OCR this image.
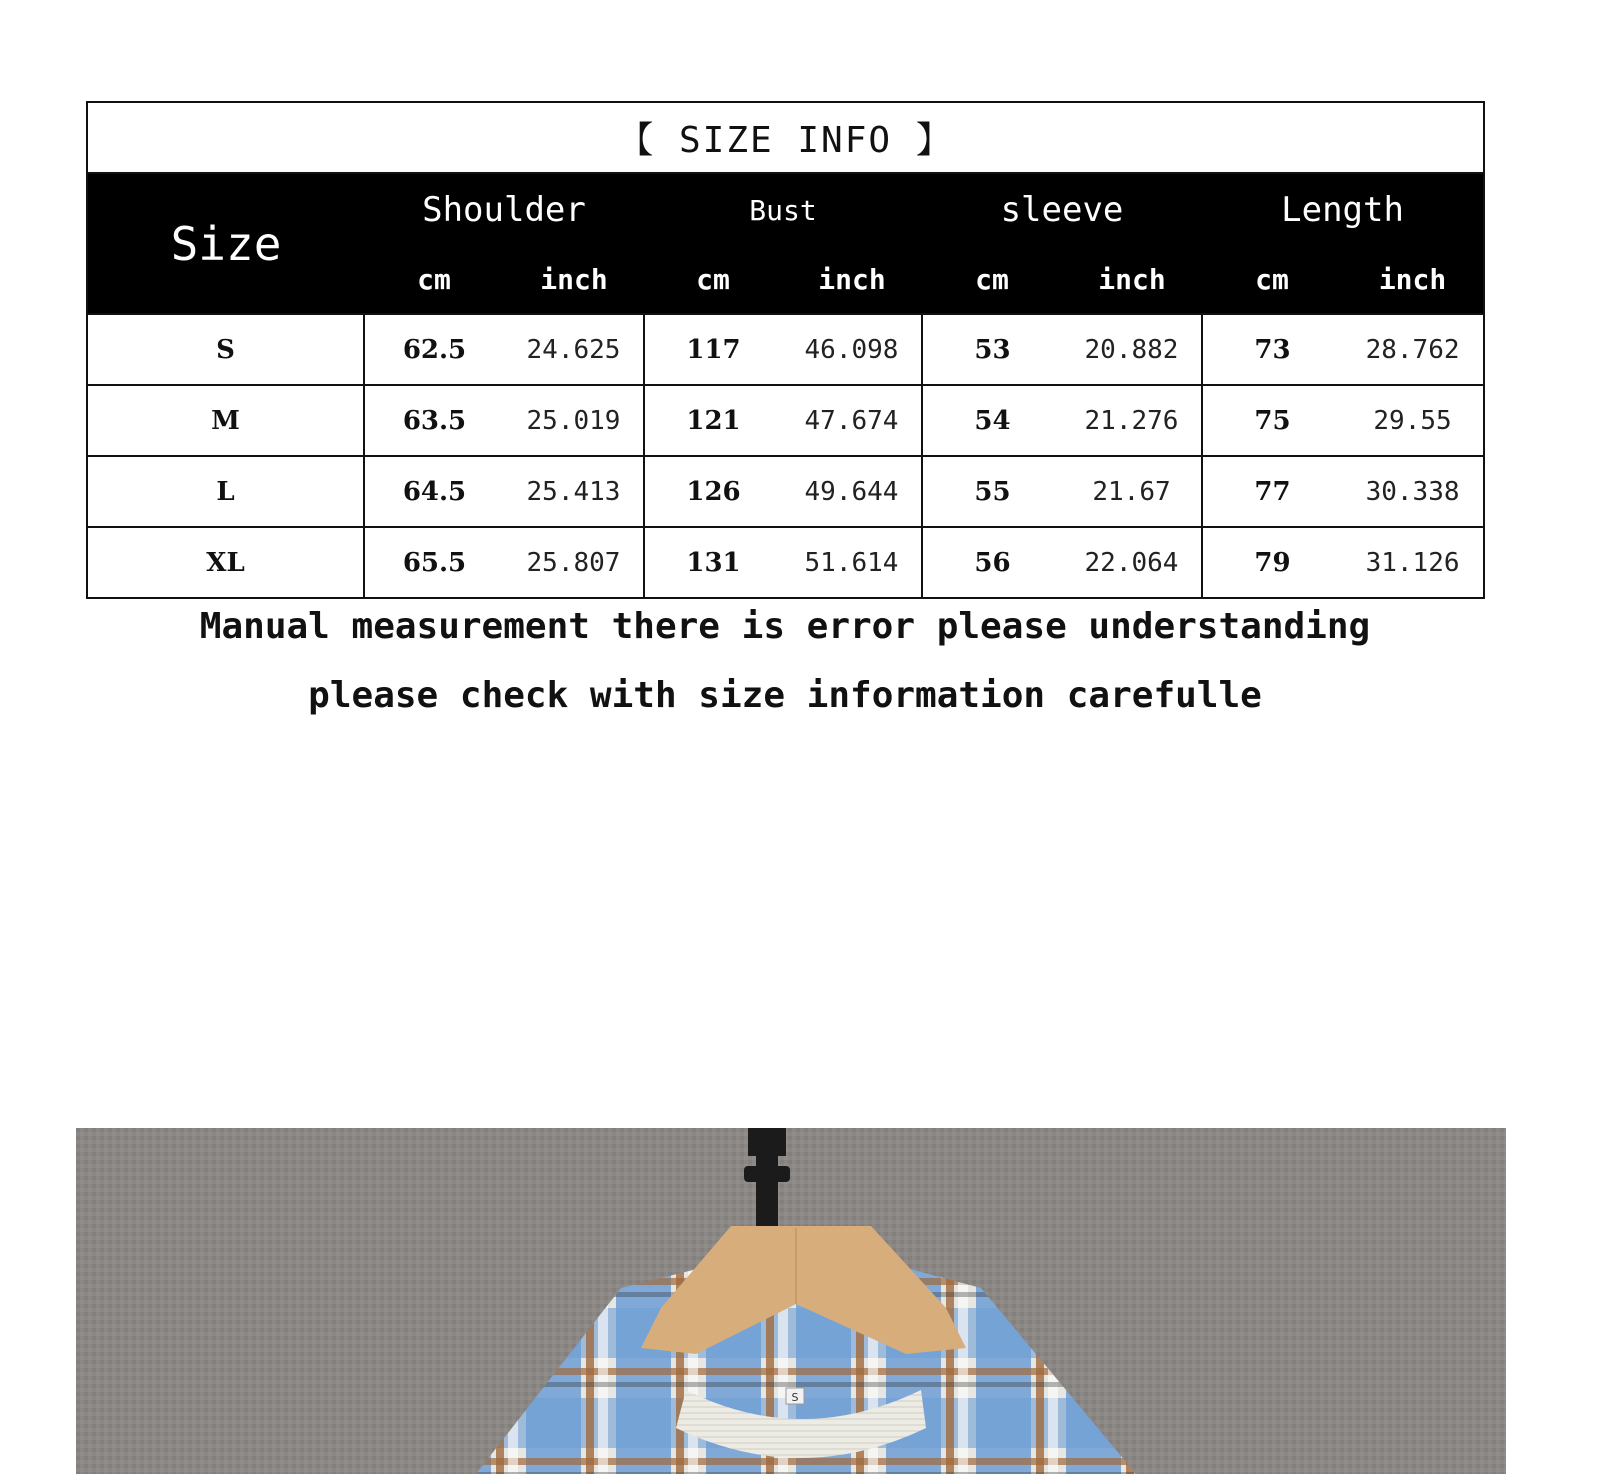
【 SIZE INFO 】								
Size	Shoulder		Bust		sleeve		Length	
	cm	inch	cm	inch	cm	inch	cm	inch
S	62.5	24.625	117	46.098	53	20.882	73	28.762
M	63.5	25.019	121	47.674	54	21.276	75	29.55
L	64.5	25.413	126	49.644	55	21.67	77	30.338
XL	65.5	25.807	131	51.614	56	22.064	79	31.126
Manual measurement there is error please understanding
please check with size information carefulle
S
